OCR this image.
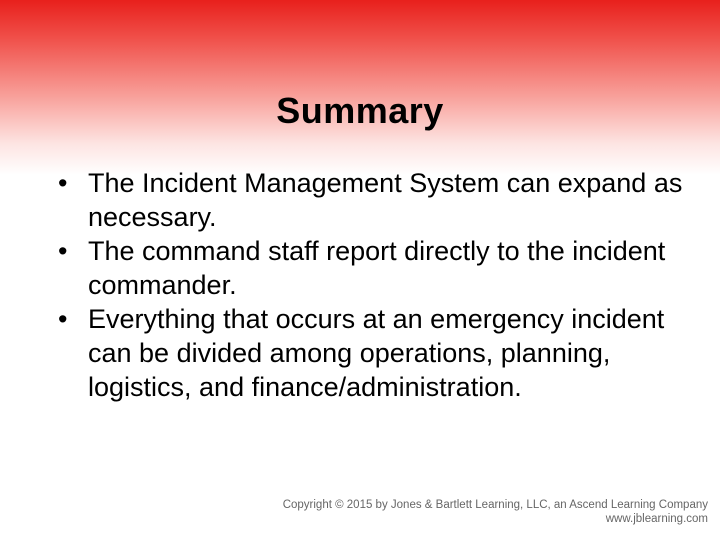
Summary
• The Incident Management System can expand as necessary.
• The command staff report directly to the incident commander.
• Everything that occurs at an emergency incident can be divided among operations, planning, logistics, and finance/administration.
Copyright © 2015 by Jones & Bartlett Learning, LLC, an Ascend Learning Company
www.jblearning.com
